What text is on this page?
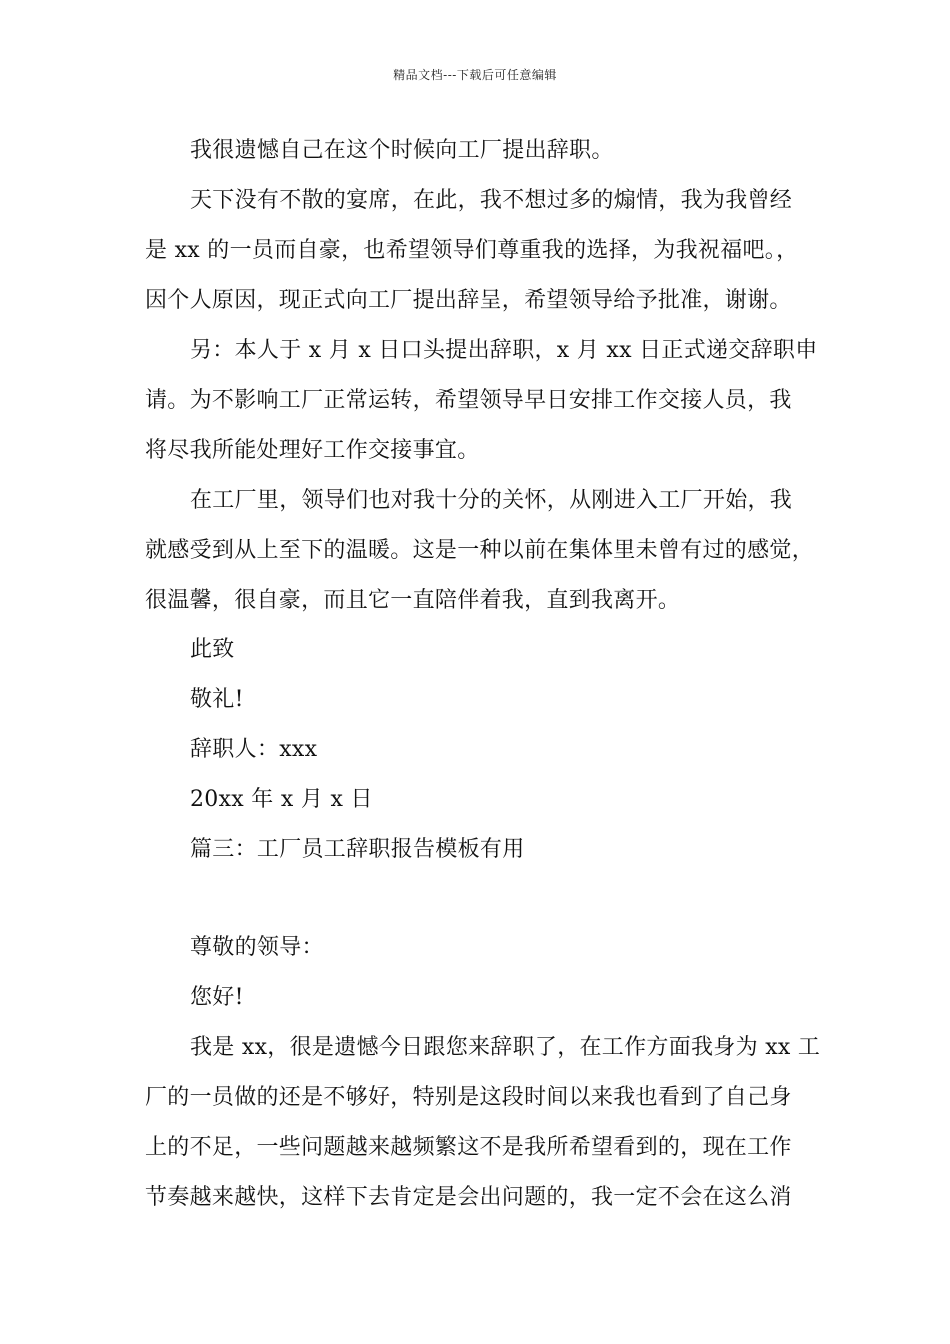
精品文档---下载后可任意编辑
我很遗憾自己在这个时候向工厂提出辞职。
天下没有不散的宴席，在此，我不想过多的煽情，我为我曾经
是 xx 的一员而自豪，也希望领导们尊重我的选择，为我祝福吧。，
因个人原因，现正式向工厂提出辞呈，希望领导给予批准，谢谢。
另：本人于 x 月 x 日口头提出辞职，x 月 xx 日正式递交辞职申
请。为不影响工厂正常运转，希望领导早日安排工作交接人员，我
将尽我所能处理好工作交接事宜。
在工厂里，领导们也对我十分的关怀，从刚进入工厂开始，我
就感受到从上至下的温暖。这是一种以前在集体里未曾有过的感觉，
很温馨，很自豪，而且它一直陪伴着我，直到我离开。
此致
敬礼!
辞职人：xxx
20xx 年 x 月 x 日
篇三：工厂员工辞职报告模板有用
尊敬的领导：
您好!
我是 xx，很是遗憾今日跟您来辞职了，在工作方面我身为 xx 工
厂的一员做的还是不够好，特别是这段时间以来我也看到了自己身
上的不足，一些问题越来越频繁这不是我所希望看到的，现在工作
节奏越来越快，这样下去肯定是会出问题的，我一定不会在这么消
